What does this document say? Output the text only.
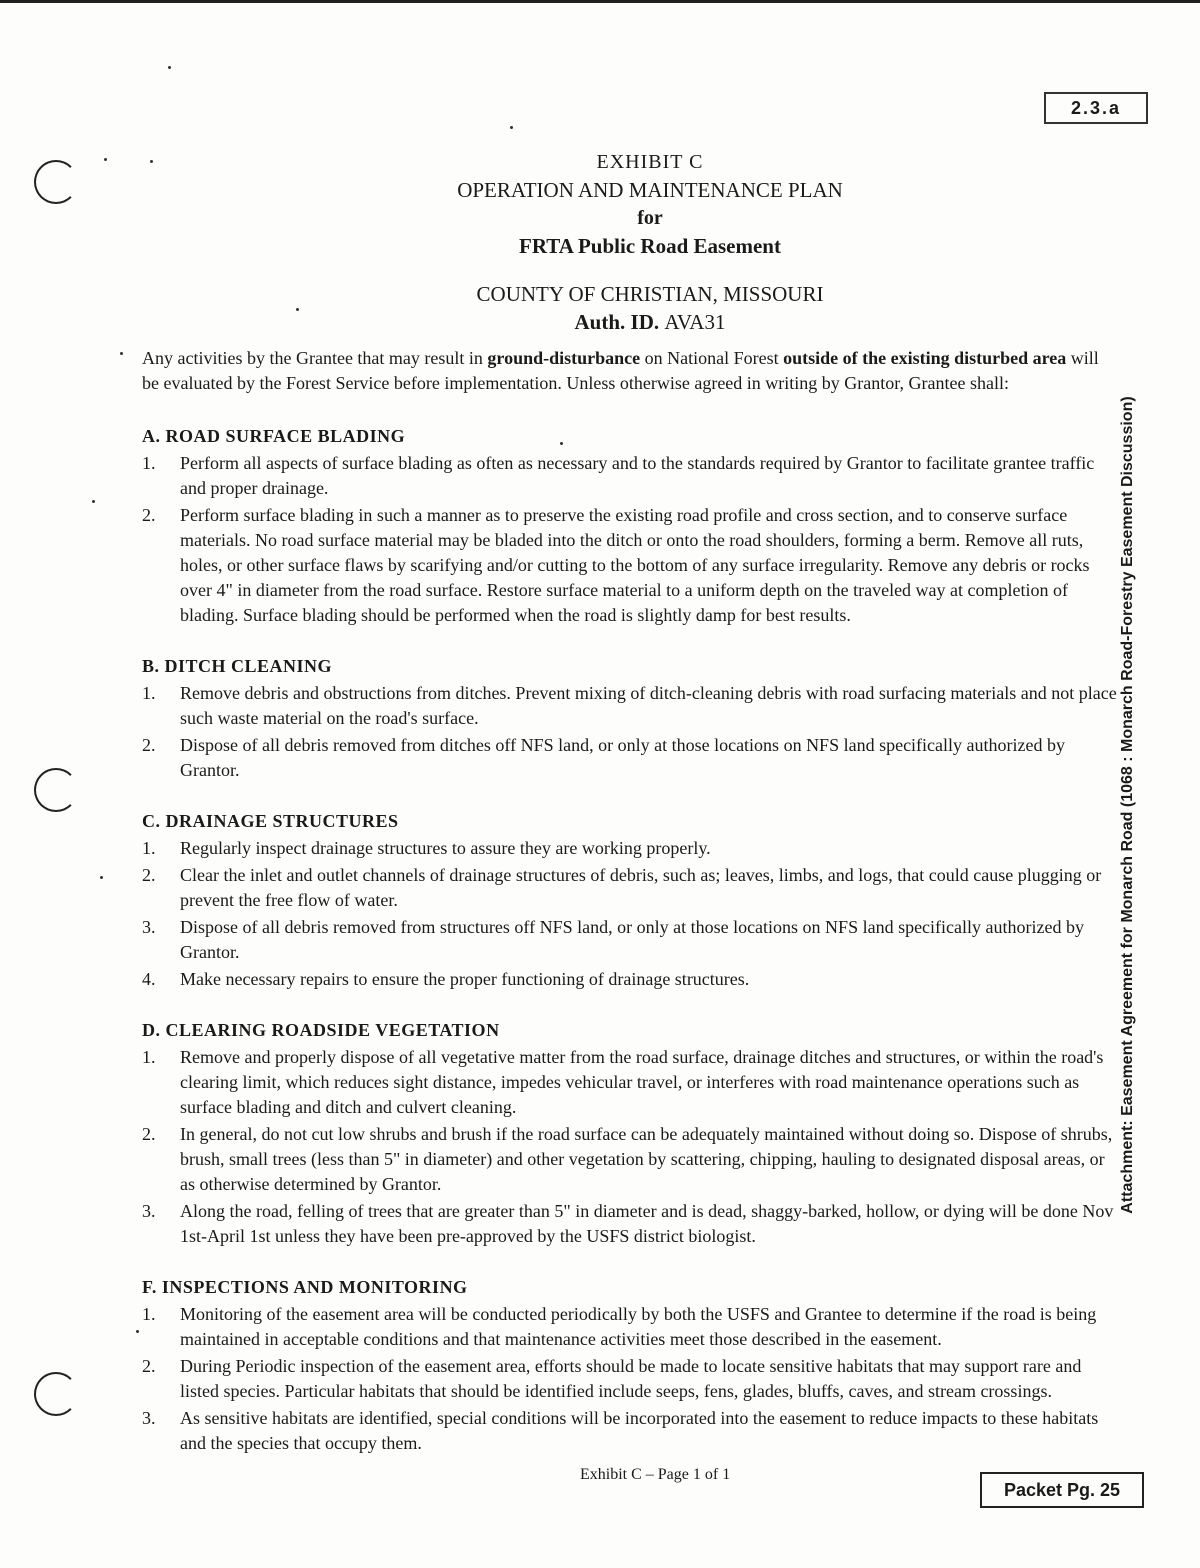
2.3.a
EXHIBIT C
OPERATION AND MAINTENANCE PLAN
for
FRTA Public Road Easement
COUNTY OF CHRISTIAN, MISSOURI
Auth. ID. AVA31

Any activities by the Grantee that may result in ground-disturbance on National Forest outside of the existing disturbed area will be evaluated by the Forest Service before implementation. Unless otherwise agreed in writing by Grantor, Grantee shall:

A. ROAD SURFACE BLADING
1.	Perform all aspects of surface blading as often as necessary and to the standards required by Grantor to facilitate grantee traffic and proper drainage.
2.	Perform surface blading in such a manner as to preserve the existing road profile and cross section, and to conserve surface materials. No road surface material may be bladed into the ditch or onto the road shoulders, forming a berm. Remove all ruts, holes, or other surface flaws by scarifying and/or cutting to the bottom of any surface irregularity. Remove any debris or rocks over 4" in diameter from the road surface. Restore surface material to a uniform depth on the traveled way at completion of blading. Surface blading should be performed when the road is slightly damp for best results.
B. DITCH CLEANING
1.	Remove debris and obstructions from ditches. Prevent mixing of ditch-cleaning debris with road surfacing materials and not place such waste material on the road's surface.
2.	Dispose of all debris removed from ditches off NFS land, or only at those locations on NFS land specifically authorized by Grantor.
C. DRAINAGE STRUCTURES
1.	Regularly inspect drainage structures to assure they are working properly.
2.	Clear the inlet and outlet channels of drainage structures of debris, such as; leaves, limbs, and logs, that could cause plugging or prevent the free flow of water.
3.	Dispose of all debris removed from structures off NFS land, or only at those locations on NFS land specifically authorized by Grantor.
4.	Make necessary repairs to ensure the proper functioning of drainage structures.
D. CLEARING ROADSIDE VEGETATION
1.	Remove and properly dispose of all vegetative matter from the road surface, drainage ditches and structures, or within the road's clearing limit, which reduces sight distance, impedes vehicular travel, or interferes with road maintenance operations such as surface blading and ditch and culvert cleaning.
2.	In general, do not cut low shrubs and brush if the road surface can be adequately maintained without doing so. Dispose of shrubs, brush, small trees (less than 5" in diameter) and other vegetation by scattering, chipping, hauling to designated disposal areas, or as otherwise determined by Grantor.
3.	Along the road, felling of trees that are greater than 5" in diameter and is dead, shaggy-barked, hollow, or dying will be done Nov 1st-April 1st unless they have been pre-approved by the USFS district biologist.
F. INSPECTIONS AND MONITORING
1.	Monitoring of the easement area will be conducted periodically by both the USFS and Grantee to determine if the road is being maintained in acceptable conditions and that maintenance activities meet those described in the easement.
2.	During Periodic inspection of the easement area, efforts should be made to locate sensitive habitats that may support rare and listed species. Particular habitats that should be identified include seeps, fens, glades, bluffs, caves, and stream crossings.
3.	As sensitive habitats are identified, special conditions will be incorporated into the easement to reduce impacts to these habitats and the species that occupy them.
Attachment: Easement Agreement for Monarch Road (1068 : Monarch Road-Forestry Easement Discussion)
Exhibit C – Page 1 of 1
Packet Pg. 25
